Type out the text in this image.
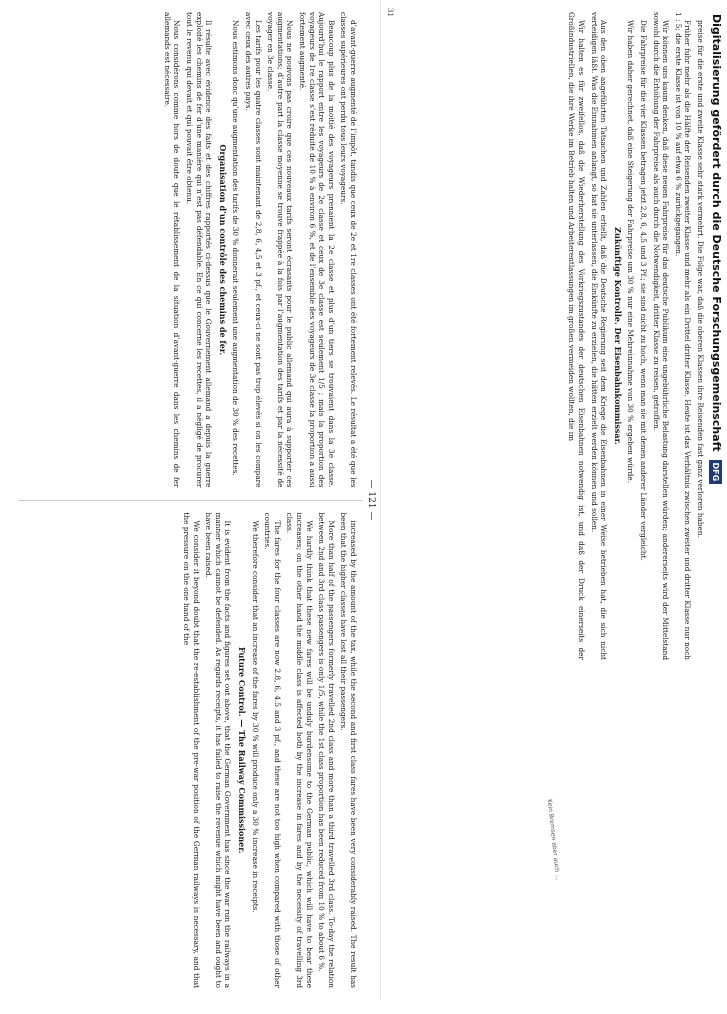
— 121 —

d’avant-guerre augmenté de l’impôt, tandis que ceux de 2e et 1re classes ont été fortement relevés. Le résultat a été que les classes supérieures ont perdu tous leurs voyageurs.

Beaucoup plus de la moitié des voyageurs prenaient la 2e classe et plus d’un tiers se trouvaient dans la 3e classe. Aujourd’hui le rapport entre les voyageurs de 2e classe et ceux de 3e classe est seulement 1/5 ; mais la proportion des voyageurs de 1re classe s’est réduite de 10 % à environ 6 %, et de l’ensemble des voyageurs de 3e classe la proportion a aussi fortement augmenté.

Nous ne pouvons pas croire que ces nouveaux tarifs seront écrasants pour le public allemand qui aura à supporter ces augmentations; d’autre part la classe moyenne se trouve frappée à la fois par l’augmentation des tarifs et par la nécessité de voyager en 3e classe.

Les tarifs pour les quatre classes sont maintenant de 2,8, 6, 4,5 et 3 pf., et ceux-ci ne sont pas trop élevés si on les compare avec ceux des autres pays.

Nous estimons donc qu’une augmentation des tarifs de 30 % donnerait seulement une augmentation de 30 % des recettes.

Organisation d’un contrôle des chemins de fer.

Il résulte avec évidence des faits et des chiffres rapportés ci-dessus que le Gouvernement allemand a depuis la guerre exploité les chemins de fer d’une manière qui n’est pas défendable. En ce qui concerne les recettes, il a négligé de procurer tout le revenu qui devait et qui pouvait être obtenu.

Nous considérons comme hors de doute que le rétablissement de la situation d’avant-guerre dans les chemins de fer allemands est nécessaire.

increased by the amount of the tax, while the second and first class fares have been very considerably raised. The result has been that the higher classes have lost all their passengers.

More than half of the passengers formerly travelled 2nd class and more than a third travelled 3rd class. To-day the relation between 2nd and 3rd class passengers is only 1/5, while the 1st class proportion has been reduced from 10 % to about 6 %.

We hardly think that these new fares will be unduly burdensome to the German public, which will have to bear these increases; on the other hand the middle class is affected both by the increase in fares and by the necessity of travelling 3rd class.

The fares for the four classes are now 2.8, 6, 4.5 and 3 pf., and these are not too high when compared with those of other countries.

We therefore consider that an increase of the fares by 30 % will produce only a 30 % increase in receipts.

Future Control. — The Railway Commissioner.

It is evident from the facts and figures set out above, that the German Government has since the war run the railways in a manner which cannot be defended. As regards receipts, it has failed to raise the revenue which might have been and ought to have been raised.

We consider it beyond doubt that the re-establishment of the pre-war position of the German railways is necessary, and that the pressure on the one hand of the

preise für die erste und zweite Klasse sehr stark vermehrt. Die Folge war, daß die oberen Klassen ihre Reisenden fast ganz verloren haben.

Früher fuhr mehr als die Hälfte der Reisenden zweiter Klasse und mehr als ein Drittel dritter Klasse. Heute ist das Verhältnis zwischen zweiter und dritter Klasse nur noch 1 : 5; die erste Klasse ist von 10 % auf etwa 6 % zurückgegangen.

Wir können uns kaum denken, daß diese neuen Fahrpreise für das deutsche Publikum eine ungebührliche Belastung darstellen würden; andererseits wird der Mittelstand sowohl durch die Erhöhung der Fahrpreise als auch durch die Notwendigkeit, dritter Klasse zu reisen, getroffen.

Die Fahrpreise für die vier Klassen betragen jetzt 2,8, 6, 4,5 und 3 Pf.; sie sind nicht zu hoch, wenn man sie mit denen anderer Länder vergleicht.

Wir haben daher gerechnet, daß eine Steigerung der Fahrpreise um 30 % nur eine Mehreinnahme von 30 % ergeben würde.

Zukünftige Kontrolle. Der Eisenbahnkommissar.

Aus den oben angeführten Tatsachen und Zahlen erhellt, daß die Deutsche Regierung seit dem Kriege die Eisenbahnen in einer Weise betrieben hat, die sich nicht verteidigen läßt. Was die Einnahmen anlangt, so hat sie unterlassen, die Einkünfte zu erzielen, die hätten erzielt werden können und sollen.

Wir halten es für zweifellos, daß die Wiederherstellung des Vorkriegszustandes der deutschen Eisenbahnen notwendig ist, und daß der Druck einerseits der Großindustriellen, die ihre Werke im Betrieb halten und Arbeiterentlassungen im großen vermeiden wollten, die im

Kein Bremsen aber auch …
31
Digitalisierung gefördert durch die Deutsche Forschungsgemeinschaft DFG
